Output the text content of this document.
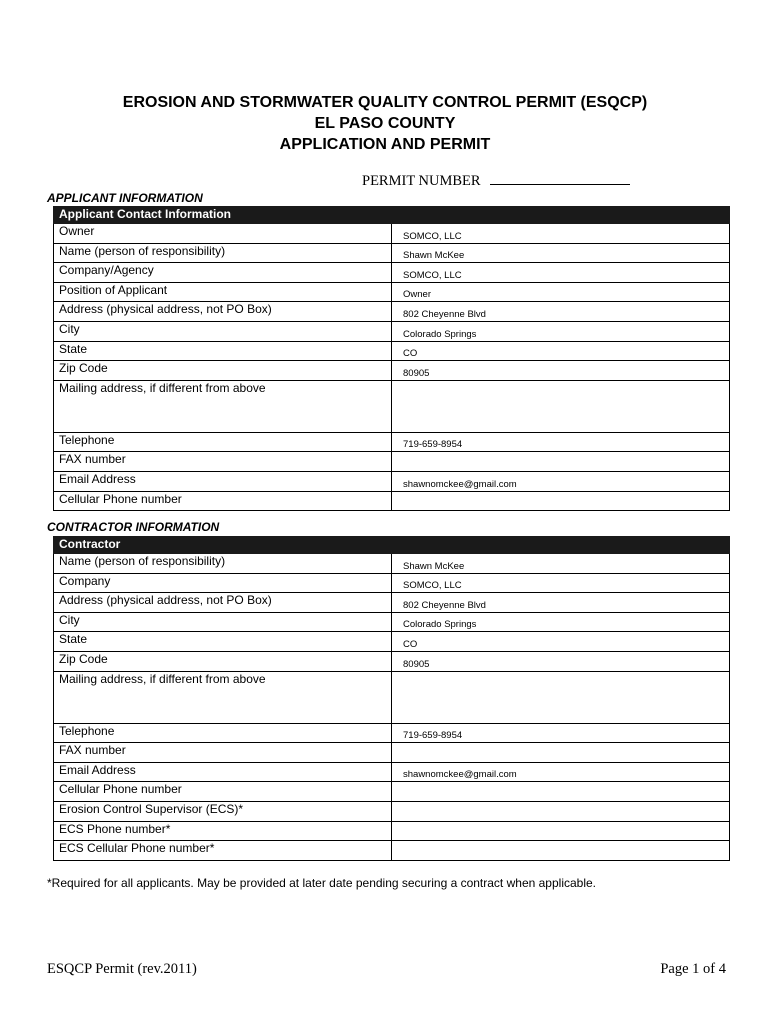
EROSION AND STORMWATER QUALITY CONTROL PERMIT (ESQCP)
EL PASO COUNTY
APPLICATION AND PERMIT
PERMIT NUMBER
APPLICANT INFORMATION
Applicant Contact Information	
Owner	SOMCO, LLC
Name (person of responsibility)	Shawn McKee
Company/Agency	SOMCO, LLC
Position of Applicant	Owner
Address (physical address, not PO Box)	802 Cheyenne Blvd
City	Colorado Springs
State	CO
Zip Code	80905
Mailing address, if different from above	
Telephone	719-659-8954
FAX number	
Email Address	shawnomckee@gmail.com
Cellular Phone number	
CONTRACTOR INFORMATION
Contractor	
Name (person of responsibility)	Shawn McKee
Company	SOMCO, LLC
Address (physical address, not PO Box)	802 Cheyenne Blvd
City	Colorado Springs
State	CO
Zip Code	80905
Mailing address, if different from above	
Telephone	719-659-8954
FAX number	
Email Address	shawnomckee@gmail.com
Cellular Phone number	
Erosion Control Supervisor (ECS)*	
ECS Phone number*	
ECS Cellular Phone number*	
*Required for all applicants. May be provided at later date pending securing a contract when applicable.
ESQCP Permit (rev.2011)	Page 1 of 4
